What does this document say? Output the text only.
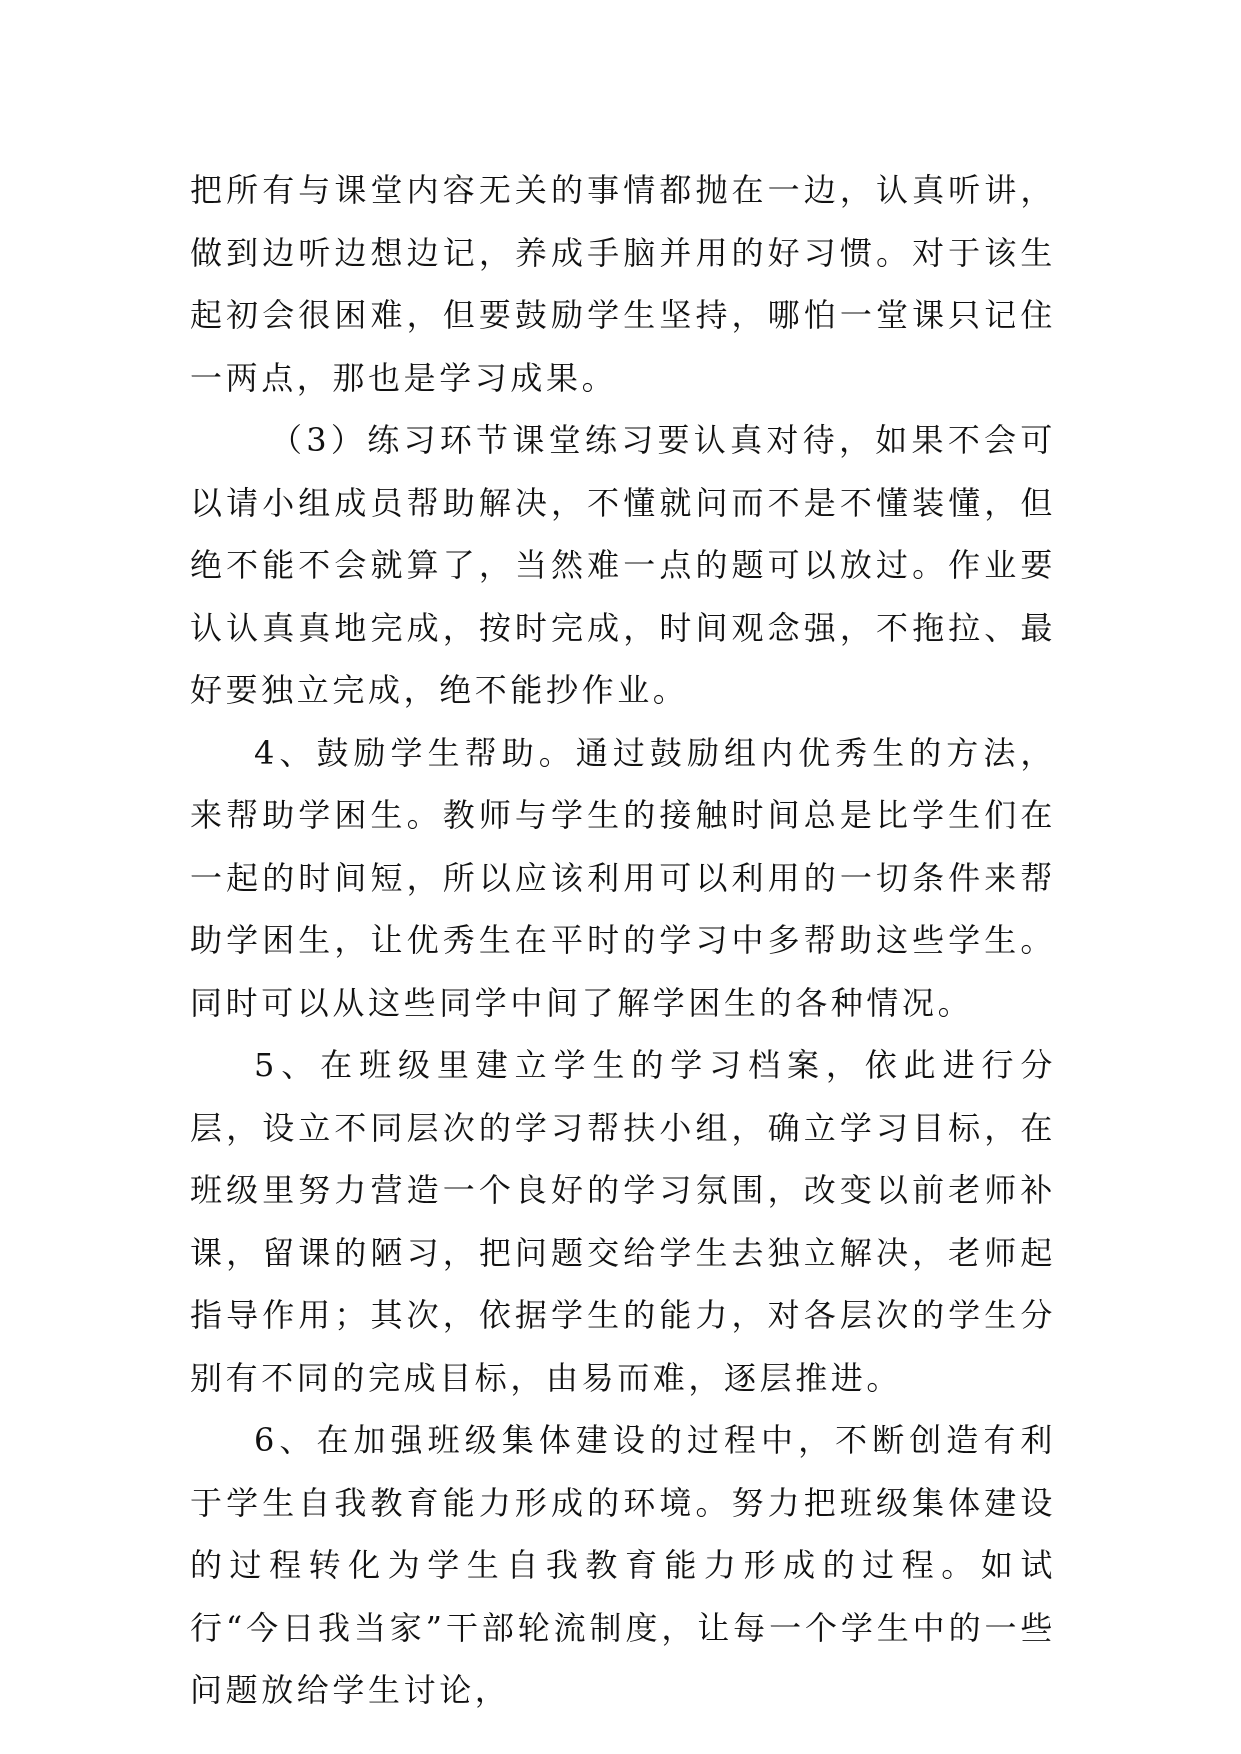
把所有与课堂内容无关的事情都抛在一边，认真听讲，做到边听边想边记，养成手脑并用的好习惯。对于该生起初会很困难，但要鼓励学生坚持，哪怕一堂课只记住一两点，那也是学习成果。

（3）练习环节课堂练习要认真对待，如果不会可以请小组成员帮助解决，不懂就问而不是不懂装懂，但绝不能不会就算了，当然难一点的题可以放过。作业要认认真真地完成，按时完成，时间观念强，不拖拉、最好要独立完成，绝不能抄作业。

4、鼓励学生帮助。通过鼓励组内优秀生的方法，来帮助学困生。教师与学生的接触时间总是比学生们在一起的时间短，所以应该利用可以利用的一切条件来帮助学困生，让优秀生在平时的学习中多帮助这些学生。同时可以从这些同学中间了解学困生的各种情况。

5、在班级里建立学生的学习档案，依此进行分层，设立不同层次的学习帮扶小组，确立学习目标，在班级里努力营造一个良好的学习氛围，改变以前老师补课，留课的陋习，把问题交给学生去独立解决，老师起指导作用；其次，依据学生的能力，对各层次的学生分别有不同的完成目标，由易而难，逐层推进。

6、在加强班级集体建设的过程中，不断创造有利于学生自我教育能力形成的环境。努力把班级集体建设的过程转化为学生自我教育能力形成的过程。如试行“今日我当家”干部轮流制度，让每一个学生中的一些问题放给学生讨论，
